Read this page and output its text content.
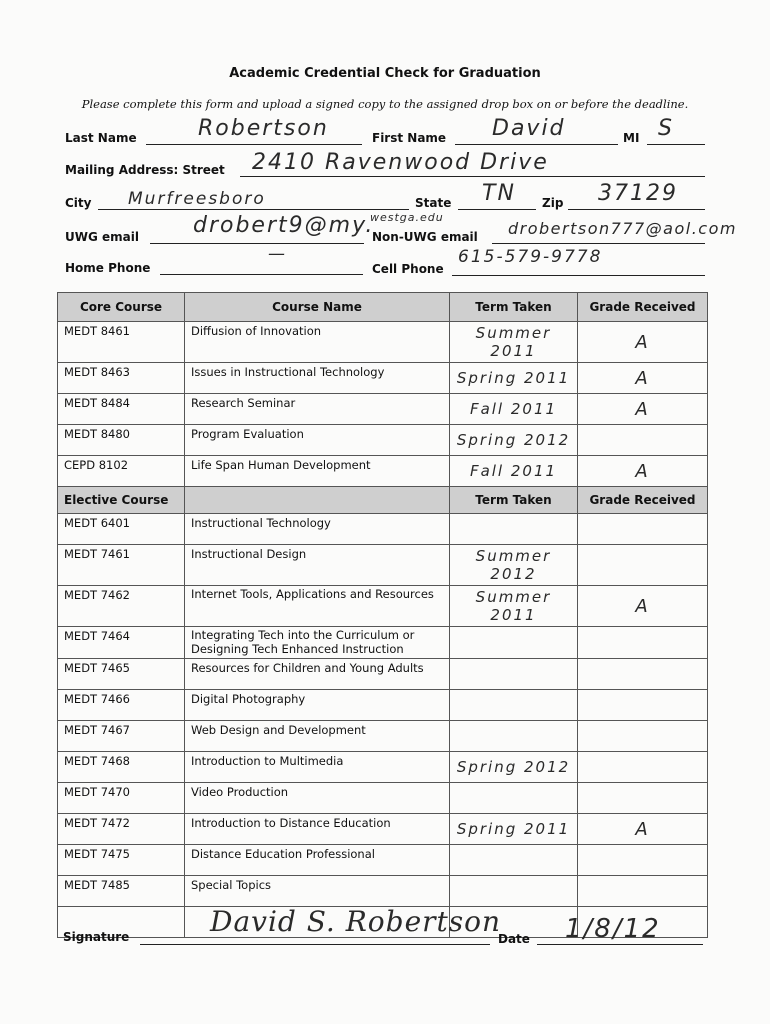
Academic Credential Check for Graduation
Please complete this form and upload a signed copy to the assigned drop box on or before the deadline.
Last Name	Robertson	First Name David	MI S
Mailing Address: Street 2410 Ravenwood Drive
City Murfreesboro	State TN Zip 37129
UWG email drobert9@my.
westga.edu
Non-UWG email drobertson777@aol.com
Home Phone
—
Cell Phone
615-579-9778
Core Course	Course Name	Term Taken	Grade Received
MEDT 8461	Diffusion of Innovation	Summer 2011	A
MEDT 8463	Issues in Instructional Technology	Spring 2011	A
MEDT 8484	Research Seminar	Fall 2011	A
MEDT 8480	Program Evaluation	Spring 2012	
CEPD 8102	Life Span Human Development	Fall 2011	A
Elective Course		Term Taken	Grade Received
MEDT 6401	Instructional Technology		
MEDT 7461	Instructional Design	Summer 2012	
MEDT 7462	Internet Tools, Applications and Resources	Summer 2011	A
MEDT 7464	Integrating Tech into the Curriculum or Designing Tech Enhanced Instruction		
MEDT 7465	Resources for Children and Young Adults		
MEDT 7466	Digital Photography		
MEDT 7467	Web Design and Development		
MEDT 7468	Introduction to Multimedia	Spring 2012	
MEDT 7470	Video Production		
MEDT 7472	Introduction to Distance Education	Spring 2011	A
MEDT 7475	Distance Education Professional		
MEDT 7485	Special Topics		

Signature	David S. Robertson
Date 1/8/12
